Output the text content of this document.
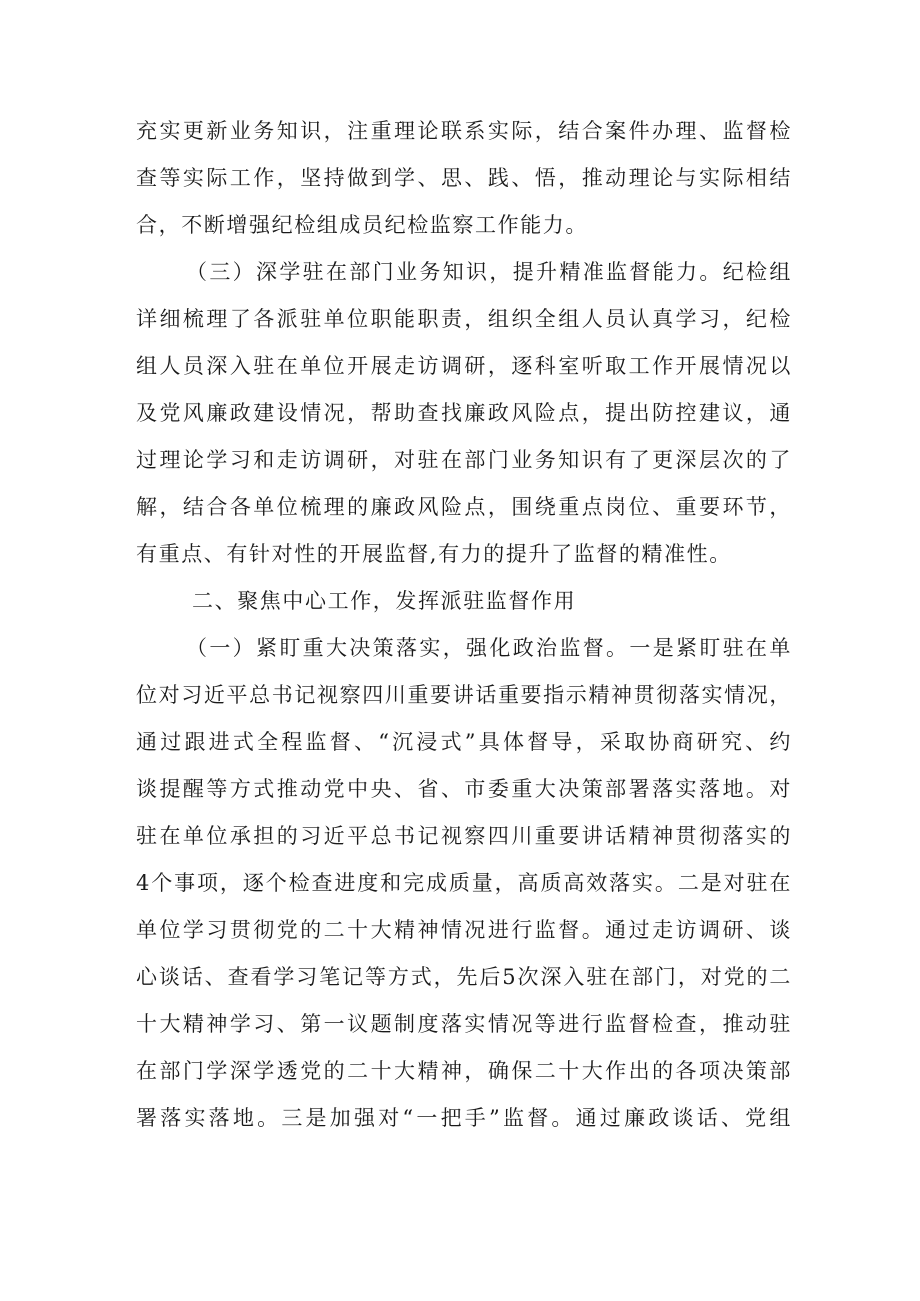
充实更新业务知识，注重理论联系实际，结合案件办理、监督检
查等实际工作，坚持做到学、思、践、悟，推动理论与实际相结
合，不断增强纪检组成员纪检监察工作能力。
（三）深学驻在部门业务知识，提升精准监督能力。纪检组
详细梳理了各派驻单位职能职责，组织全组人员认真学习，纪检
组人员深入驻在单位开展走访调研，逐科室听取工作开展情况以
及党风廉政建设情况，帮助查找廉政风险点，提出防控建议，通
过理论学习和走访调研，对驻在部门业务知识有了更深层次的了
解，结合各单位梳理的廉政风险点，围绕重点岗位、重要环节，
有重点、有针对性的开展监督,有力的提升了监督的精准性。
二、聚焦中心工作，发挥派驻监督作用
（一）紧盯重大决策落实，强化政治监督。一是紧盯驻在单
位对习近平总书记视察四川重要讲话重要指示精神贯彻落实情况，
通过跟进式全程监督、“沉浸式”具体督导，采取协商研究、约
谈提醒等方式推动党中央、省、市委重大决策部署落实落地。对
驻在单位承担的习近平总书记视察四川重要讲话精神贯彻落实的
4个事项，逐个检查进度和完成质量，高质高效落实。二是对驻在
单位学习贯彻党的二十大精神情况进行监督。通过走访调研、谈
心谈话、查看学习笔记等方式，先后5次深入驻在部门，对党的二
十大精神学习、第一议题制度落实情况等进行监督检查，推动驻
在部门学深学透党的二十大精神，确保二十大作出的各项决策部
署落实落地。三是加强对“一把手”监督。通过廉政谈话、党组
